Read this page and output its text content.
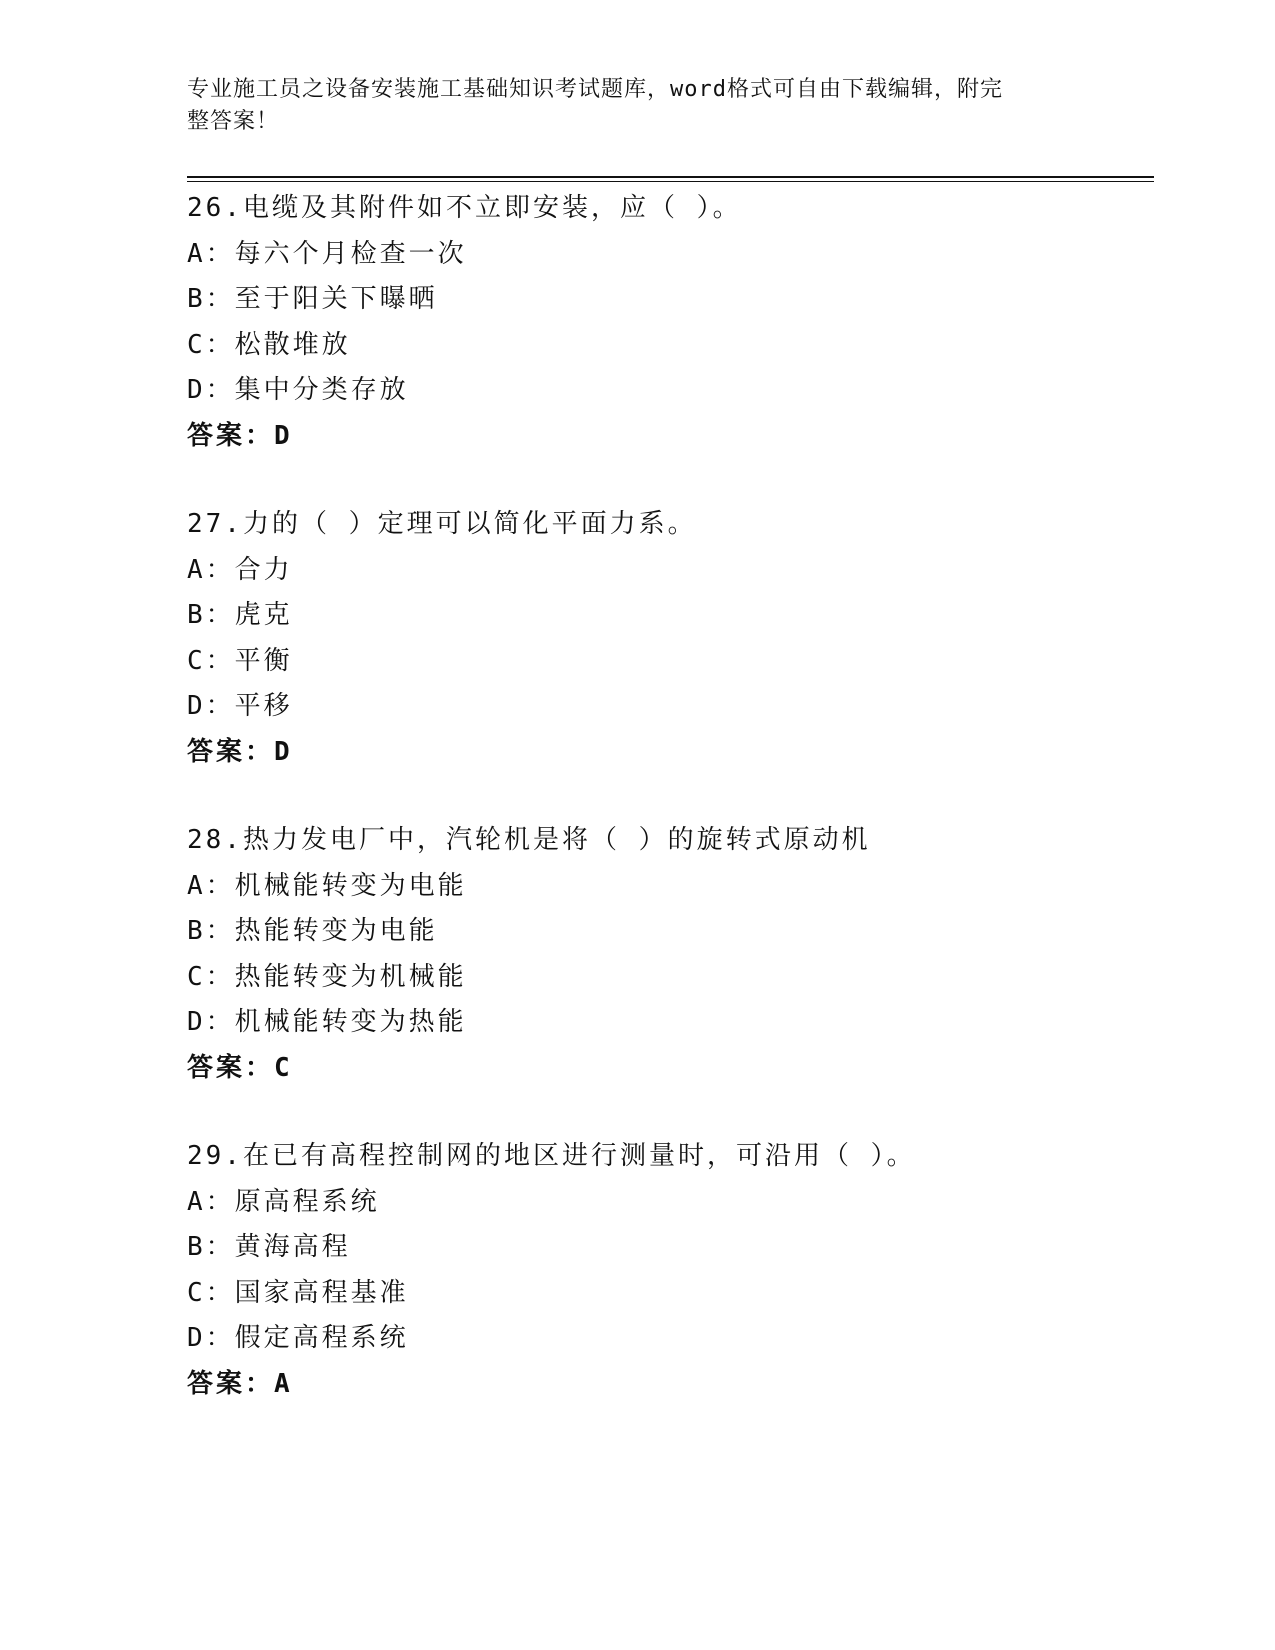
专业施工员之设备安装施工基础知识考试题库，word格式可自由下载编辑，附完
整答案！
26.电缆及其附件如不立即安装，应（ ）。
A：每六个月检查一次
B：至于阳关下曝晒
C：松散堆放
D：集中分类存放
答案：D
27.力的（ ）定理可以简化平面力系。
A：合力
B：虎克
C：平衡
D：平移
答案：D
28.热力发电厂中，汽轮机是将（ ）的旋转式原动机
A：机械能转变为电能
B：热能转变为电能
C：热能转变为机械能
D：机械能转变为热能
答案：C
29.在已有高程控制网的地区进行测量时，可沿用（ ）。
A：原高程系统
B：黄海高程
C：国家高程基准
D：假定高程系统
答案：A
